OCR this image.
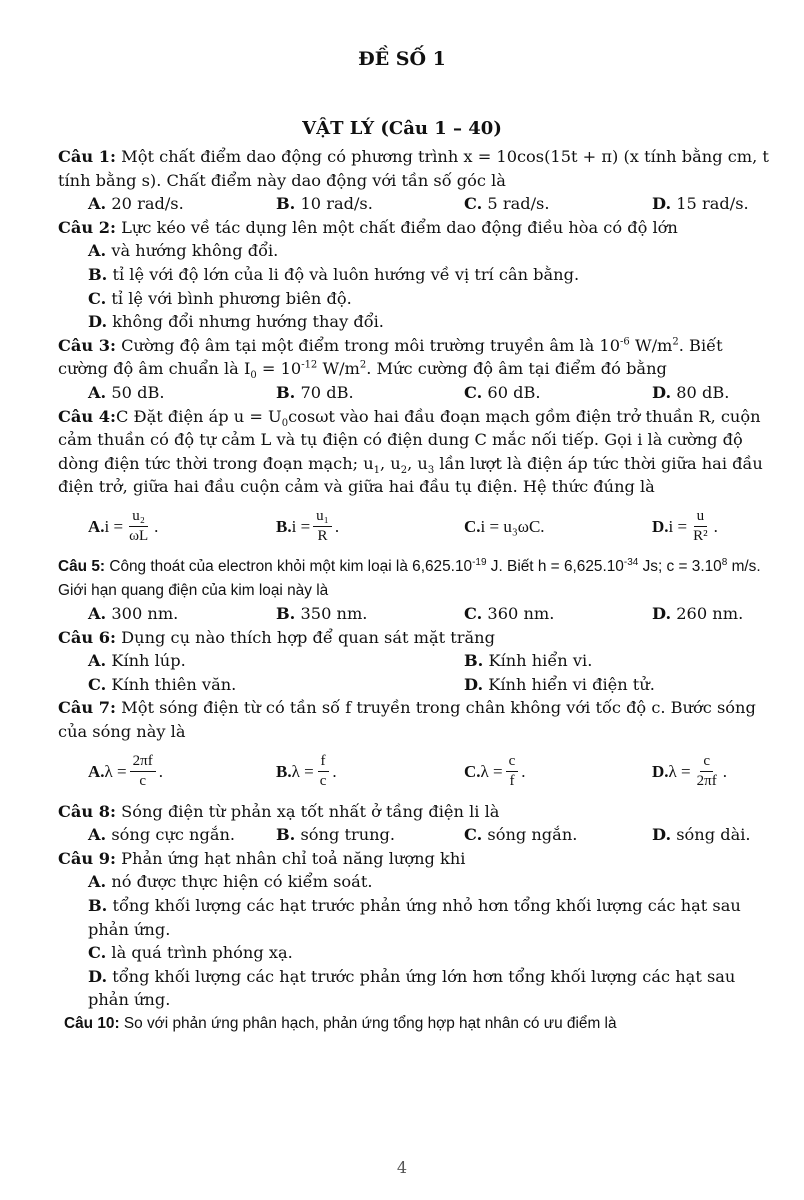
ĐỀ SỐ 1
VẬT LÝ (Câu 1 – 40)

Câu 1: Một chất điểm dao động có phương trình x = 10cos(15t + π) (x tính bằng cm, t tính bằng s). Chất điểm này dao động với tần số góc là

A. 20 rad/s.	B. 10 rad/s.	C. 5 rad/s.	D. 15 rad/s.

Câu 2: Lực kéo về tác dụng lên một chất điểm dao động điều hòa có độ lớn

A. và hướng không đổi.

B. tỉ lệ với độ lớn của li độ và luôn hướng về vị trí cân bằng.

C. tỉ lệ với bình phương biên độ.

D. không đổi nhưng hướng thay đổi.

Câu 3: Cường độ âm tại một điểm trong môi trường truyền âm là $10^{-6}$ $W/m^2$. Biết cường độ âm chuẩn là $I_0 = 10^{-12}$ $W/m^2$. Mức cường độ âm tại điểm đó bằng

A. 50 dB.	B. 70 dB.	C. 60 dB.	D. 80 dB.

Câu 4:C Đặt điện áp $u = U_0\cos\omega t$ vào hai đầu đoạn mạch gồm điện trở thuần R, cuộn cảm thuần có độ tự cảm L và tụ điện có điện dung C mắc nối tiếp. Gọi i là cường độ dòng điện tức thời trong đoạn mạch; $u_1$, $u_2$, $u_3$ lần lượt là điện áp tức thời giữa hai đầu điện trở, giữa hai đầu cuộn cảm và giữa hai đầu tụ điện. Hệ thức đúng là

A. $i = \frac{\text{u₂}}{\omega L}$ .	B. $i = \frac{\text{u₁}}{R}$ .	C. i = u₃ωC.	D. $i = \frac{u}{\text{R²}}$ .

Câu 5: Công thoát của electron khỏi một kim loại là $6,625.10^{-19}$ J. Biết $h = 6,625.10^{-34}$ Js; $c = 3.10^8$ m/s. Giới hạn quang điện của kim loại này là

A. 300 nm.	B. 350 nm.	C. 360 nm.	D. 260 nm.

Câu 6: Dụng cụ nào thích hợp để quan sát mặt trăng

A. Kính lúp.	B. Kính hiển vi.
C. Kính thiên văn.	D. Kính hiển vi điện tử.

Câu 7: Một sóng điện từ có tần số f truyền trong chân không với tốc độ c. Bước sóng của sóng này là

A. $\lambda = \frac{2\pi f}{c}$ .	B. $\lambda = \frac{f}{c}$ .	C. $\lambda = \frac{c}{f}$ .	D. $\lambda = \frac{c}{2\pi f}$ .

Câu 8: Sóng điện từ phản xạ tốt nhất ở tầng điện li là

A. sóng cực ngắn.	B. sóng trung.	C. sóng ngắn.	D. sóng dài.

Câu 9: Phản ứng hạt nhân chỉ toả năng lượng khi

A. nó được thực hiện có kiểm soát.

B. tổng khối lượng các hạt trước phản ứng nhỏ hơn tổng khối lượng các hạt sau phản ứng.

C. là quá trình phóng xạ.

D. tổng khối lượng các hạt trước phản ứng lớn hơn tổng khối lượng các hạt sau phản ứng.

Câu 10: So với phản ứng phân hạch, phản ứng tổng hợp hạt nhân có ưu điểm là

4
